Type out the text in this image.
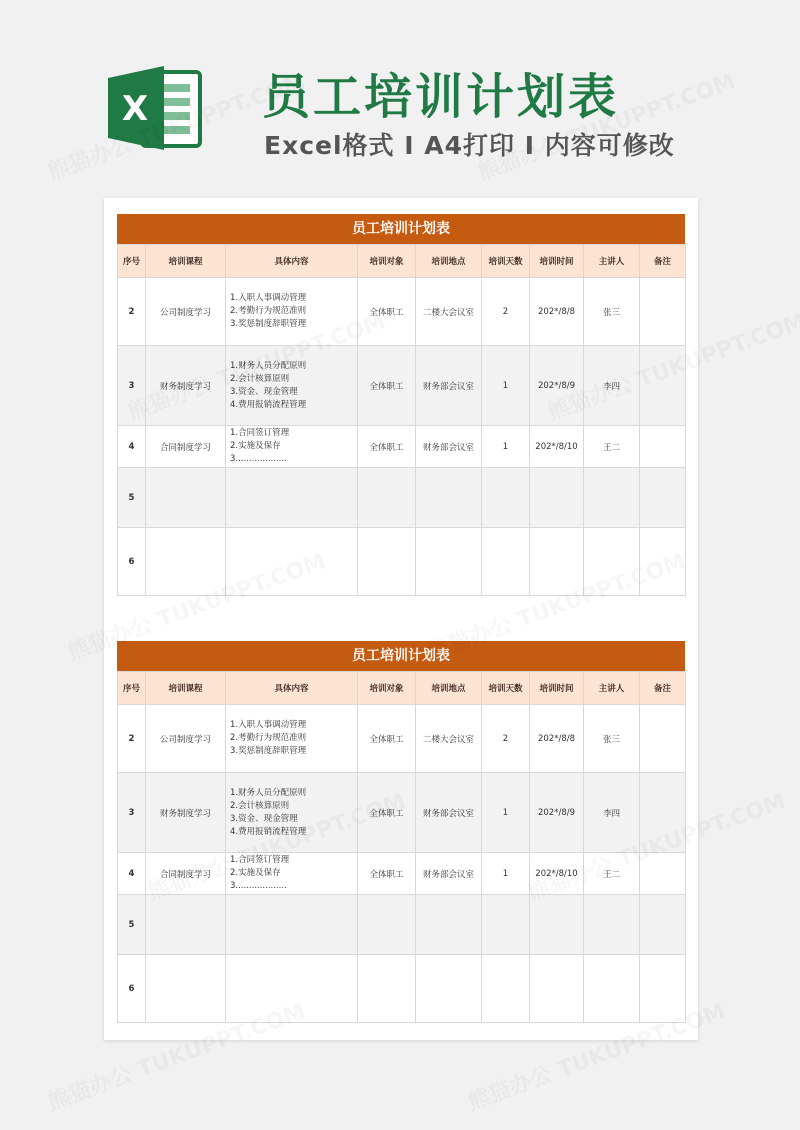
X 员工培训计划表
Excel格式 I A4打印 I 内容可修改
员工培训计划表
序号	培训课程	具体内容	培训对象	培训地点	培训天数	培训时间	主讲人	备注
2	公司制度学习	1.入职人事调动管理
2.考勤行为规范准则
3.奖惩制度辞职管理	全体职工	二楼大会议室	2	202*/8/8	张三	
3	财务制度学习	1.财务人员分配原则
2.会计核算原则
3.资金、现金管理
4.费用报销流程管理	全体职工	财务部会议室	1	202*/8/9	李四	
4	合同制度学习	1.合同签订管理
2.实施及保存
3...................	全体职工	财务部会议室	1	202*/8/10	王二	
5								
6								
员工培训计划表
序号	培训课程	具体内容	培训对象	培训地点	培训天数	培训时间	主讲人	备注
2	公司制度学习	1.入职人事调动管理
2.考勤行为规范准则
3.奖惩制度辞职管理	全体职工	二楼大会议室	2	202*/8/8	张三	
3	财务制度学习	1.财务人员分配原则
2.会计核算原则
3.资金、现金管理
4.费用报销流程管理	全体职工	财务部会议室	1	202*/8/9	李四	
4	合同制度学习	1.合同签订管理
2.实施及保存
3...................	全体职工	财务部会议室	1	202*/8/10	王二	
5								
6								
